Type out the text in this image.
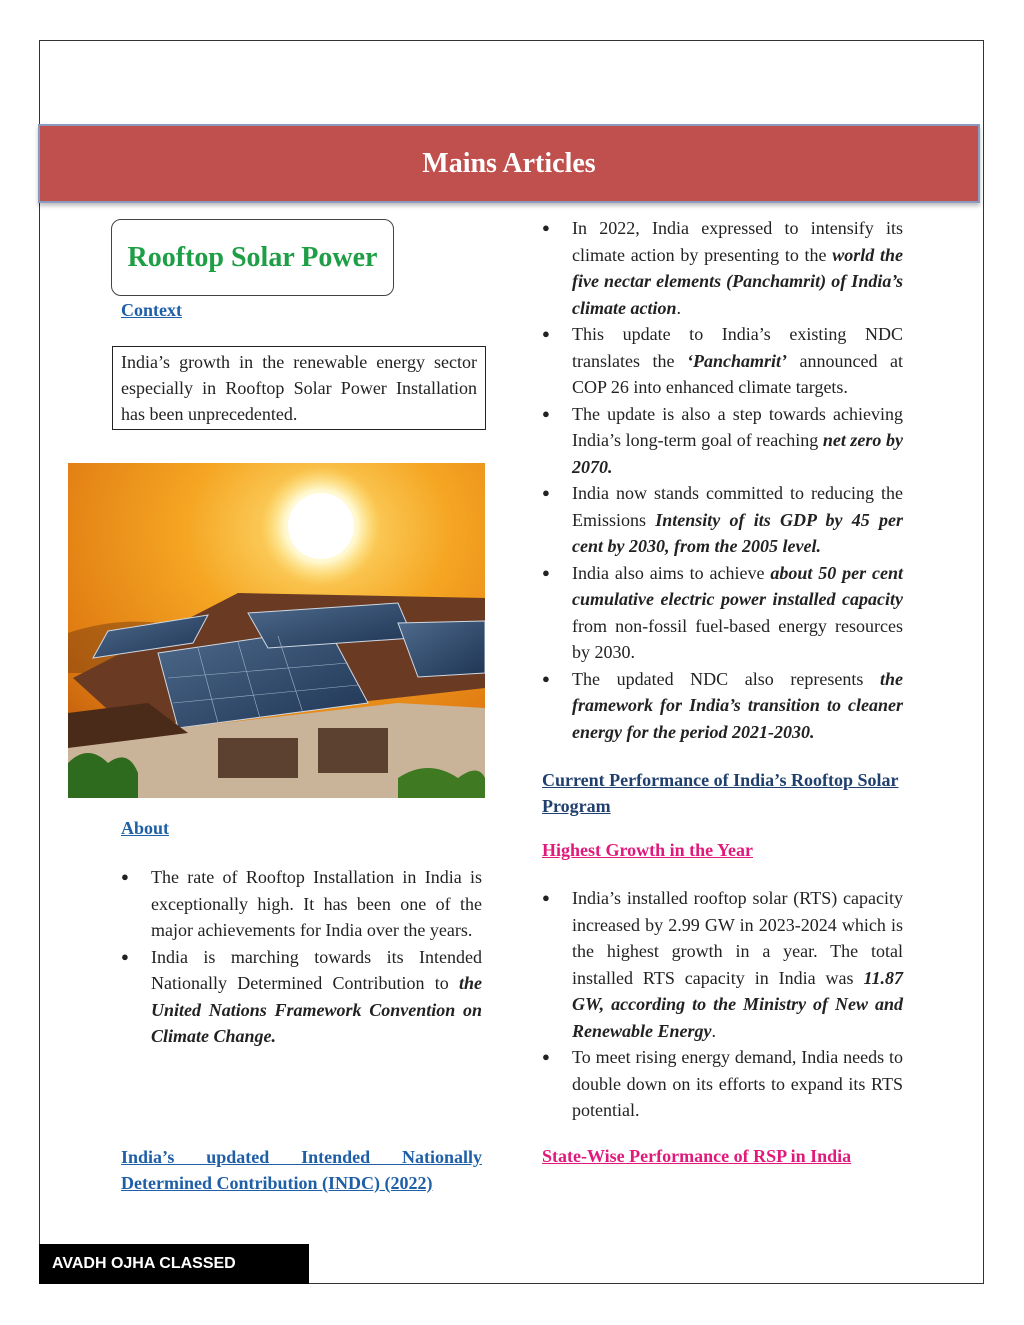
Mains Articles
Rooftop Solar Power
Context
India’s growth in the renewable energy sector especially in Rooftop Solar Power Installation has been unprecedented.
About
● The rate of Rooftop Installation in India is exceptionally high. It has been one of the major achievements for India over the years.
● India is marching towards its Intended Nationally Determined Contribution to the United Nations Framework Convention on Climate Change.
India’s updated Intended Nationally Determined Contribution (INDC) (2022)
● In 2022, India expressed to intensify its climate action by presenting to the world the five nectar elements (Panchamrit) of India’s climate action.
● This update to India’s existing NDC translates the ‘Panchamrit’ announced at COP 26 into enhanced climate targets.
● The update is also a step towards achieving India’s long-term goal of reaching net zero by 2070.
● India now stands committed to reducing the Emissions Intensity of its GDP by 45 per cent by 2030, from the 2005 level.
● India also aims to achieve about 50 per cent cumulative electric power installed capacity from non-fossil fuel-based energy resources by 2030.
● The updated NDC also represents the framework for India’s transition to cleaner energy for the period 2021-2030.
Current Performance of India’s Rooftop Solar Program
Highest Growth in the Year
● India’s installed rooftop solar (RTS) capacity increased by 2.99 GW in 2023-2024 which is the highest growth in a year. The total installed RTS capacity in India was 11.87 GW, according to the Ministry of New and Renewable Energy.
● To meet rising energy demand, India needs to double down on its efforts to expand its RTS potential.
State-Wise Performance of RSP in India
AVADH OJHA CLASSED
